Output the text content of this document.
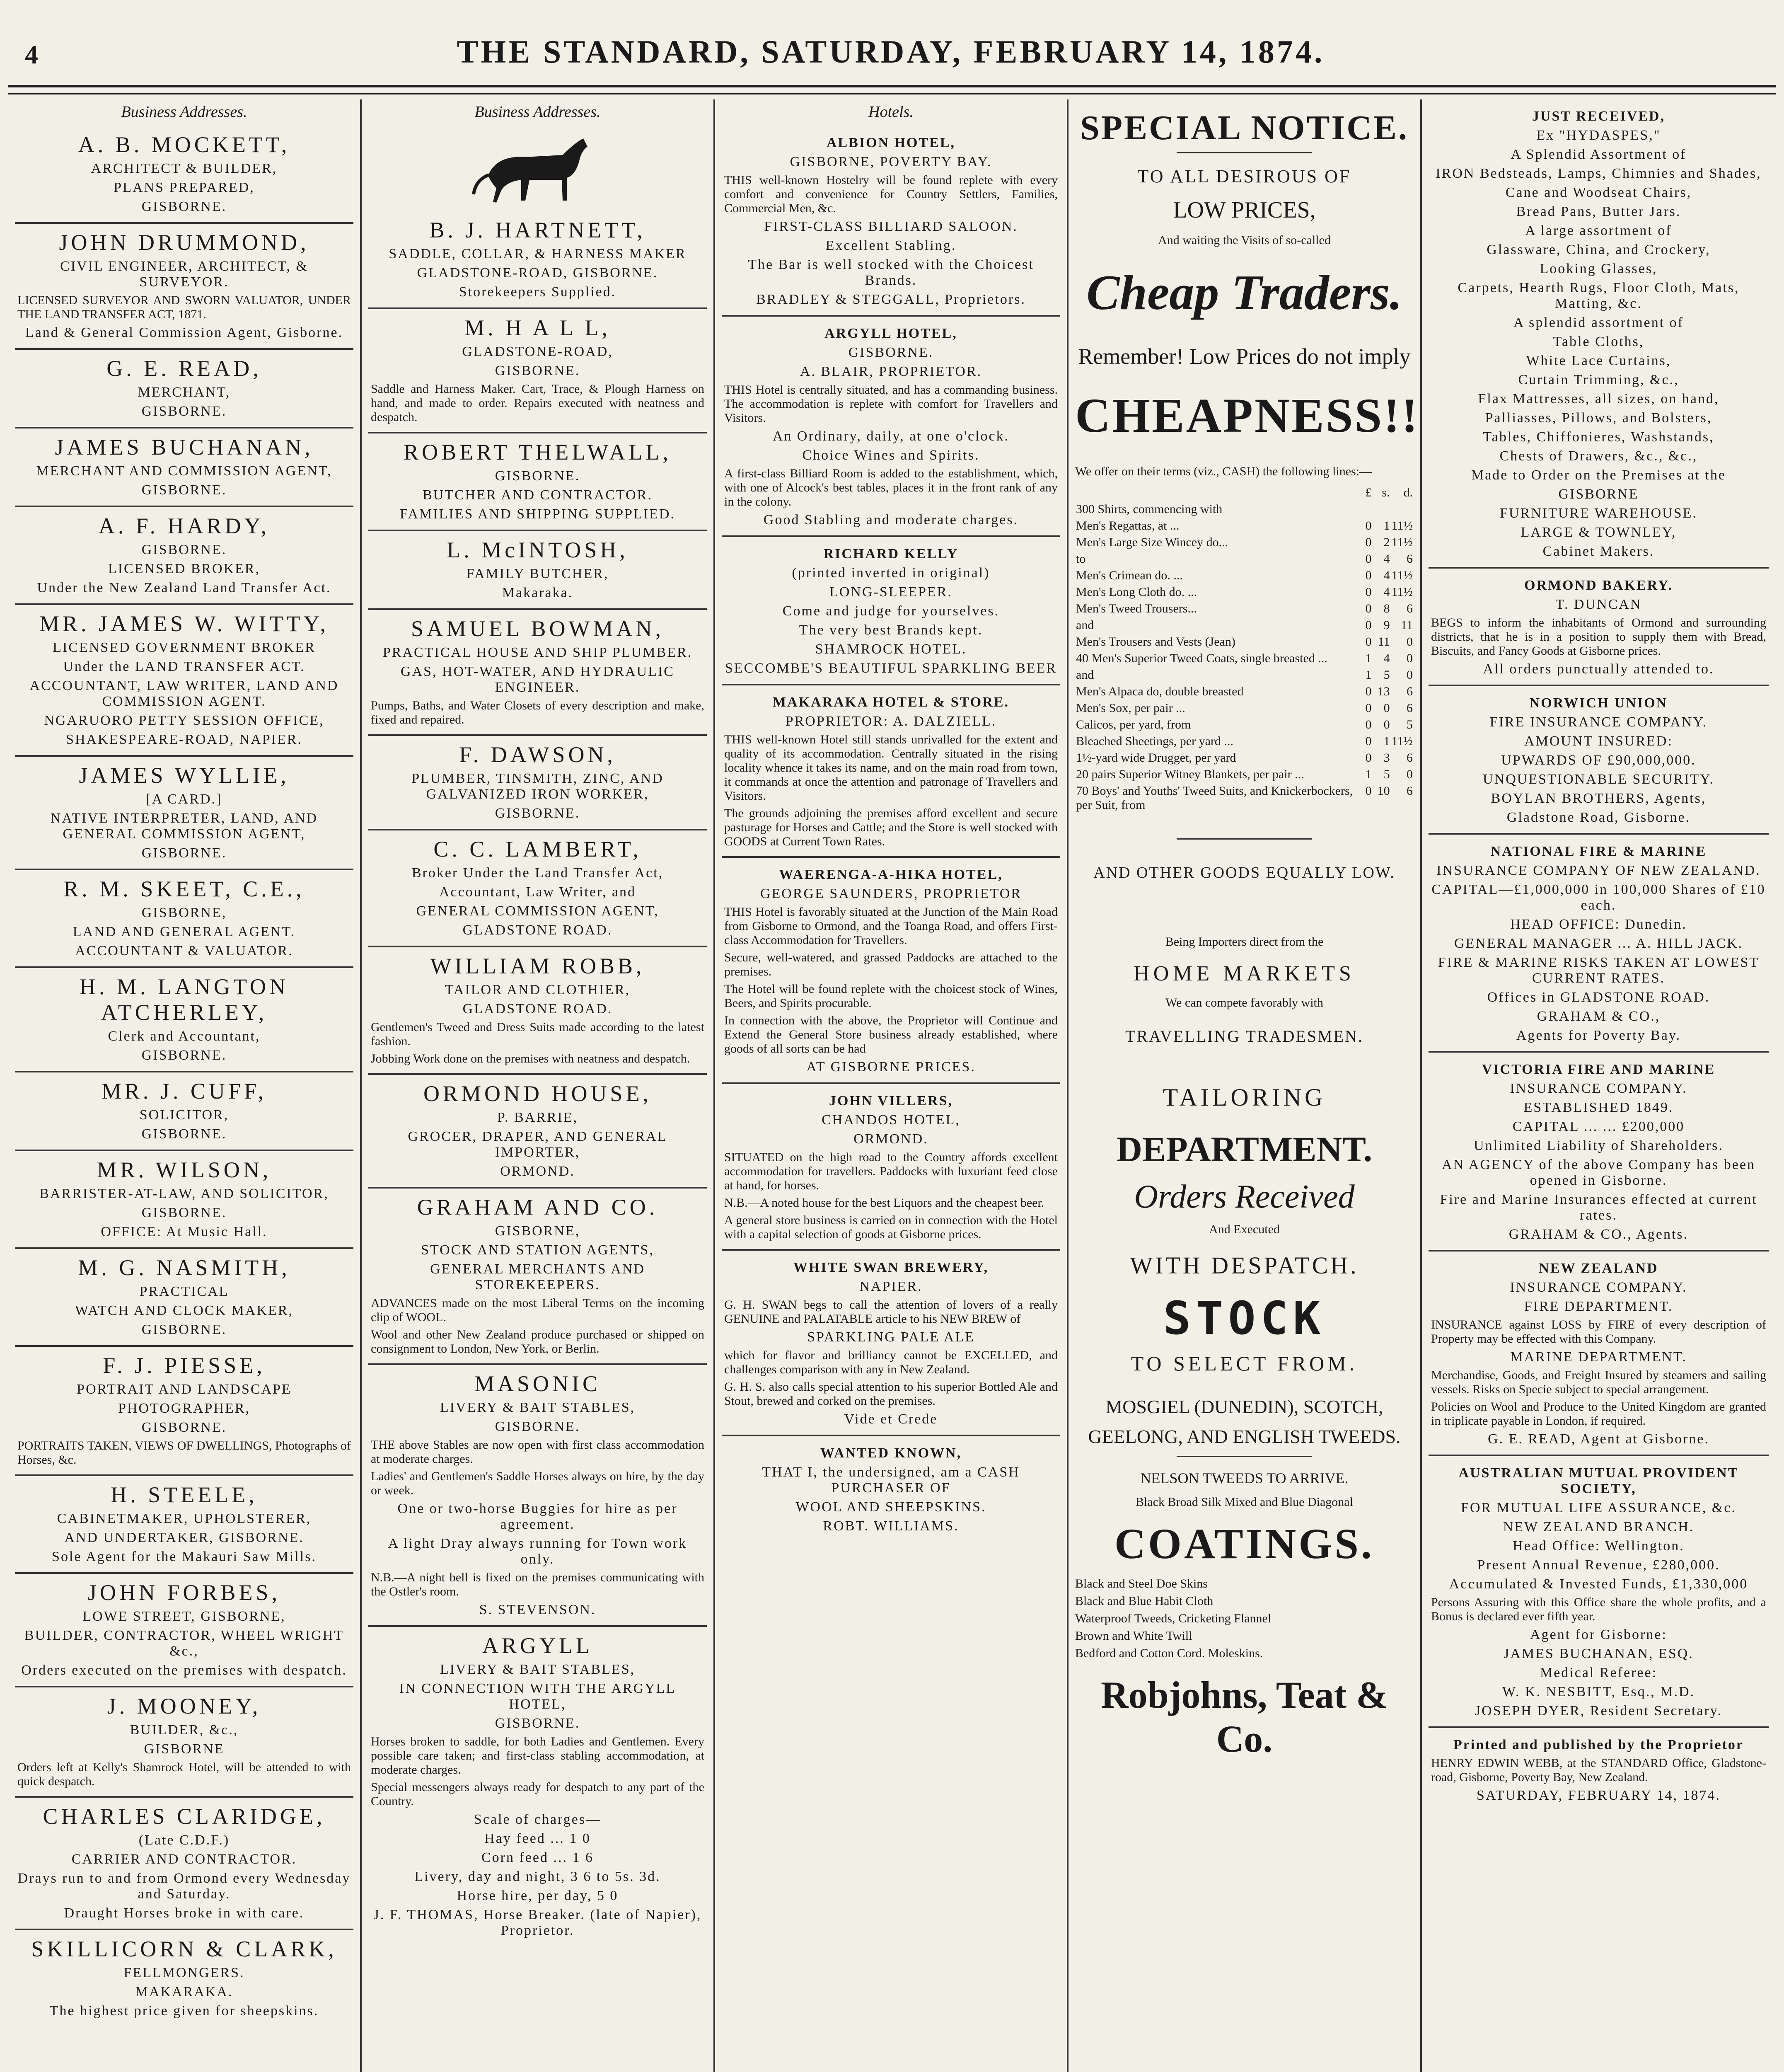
4	THE STANDARD, SATURDAY, FEBRUARY 14, 1874.
Business Addresses.
A. B. MOCKETT,
ARCHITECT & BUILDER,
PLANS PREPARED,
GISBORNE.
JOHN DRUMMOND,
CIVIL ENGINEER, ARCHITECT, & SURVEYOR.
LICENSED SURVEYOR AND SWORN VALUATOR, UNDER THE LAND TRANSFER ACT, 1871.
Land & General Commission Agent, Gisborne.
G. E. READ,
MERCHANT,
GISBORNE.
JAMES BUCHANAN,
MERCHANT AND COMMISSION AGENT,
GISBORNE.
A. F. HARDY,
GISBORNE.
LICENSED BROKER,
Under the New Zealand Land Transfer Act.
MR. JAMES W. WITTY,
LICENSED GOVERNMENT BROKER
Under the LAND TRANSFER ACT.
ACCOUNTANT, LAW WRITER, LAND AND COMMISSION AGENT.
NGARUORO PETTY SESSION OFFICE,
SHAKESPEARE-ROAD, NAPIER.
JAMES WYLLIE,
[A CARD.]
NATIVE INTERPRETER, LAND, AND GENERAL COMMISSION AGENT,
GISBORNE.
R. M. SKEET, C.E.,
GISBORNE,
LAND AND GENERAL AGENT.
ACCOUNTANT & VALUATOR.
H. M. LANGTON ATCHERLEY,
Clerk and Accountant,
GISBORNE.
MR. J. CUFF,
SOLICITOR,
GISBORNE.
MR. WILSON,
BARRISTER-AT-LAW, AND SOLICITOR,
GISBORNE.
OFFICE: At Music Hall.
M. G. NASMITH,
PRACTICAL
WATCH AND CLOCK MAKER,
GISBORNE.
F. J. PIESSE,
PORTRAIT AND LANDSCAPE
PHOTOGRAPHER,
GISBORNE.
PORTRAITS TAKEN, VIEWS OF DWELLINGS, Photographs of Horses, &c.
H. STEELE,
CABINETMAKER, UPHOLSTERER,
AND UNDERTAKER, GISBORNE.
Sole Agent for the Makauri Saw Mills.
JOHN FORBES,
LOWE STREET, GISBORNE,
BUILDER, CONTRACTOR, WHEEL WRIGHT &c.,
Orders executed on the premises with despatch.
J. MOONEY,
BUILDER, &c.,
GISBORNE
Orders left at Kelly's Shamrock Hotel, will be attended to with quick despatch.
CHARLES CLARIDGE,
(Late C.D.F.)
CARRIER AND CONTRACTOR.
Drays run to and from Ormond every Wednesday and Saturday.
Draught Horses broke in with care.
SKILLICORN & CLARK,
FELLMONGERS.
MAKARAKA.
The highest price given for sheepskins.
Business Addresses.
B. J. HARTNETT,
SADDLE, COLLAR, & HARNESS MAKER
GLADSTONE-ROAD, GISBORNE.
Storekeepers Supplied.
M. H A L L,
GLADSTONE-ROAD,
GISBORNE.
Saddle and Harness Maker. Cart, Trace, & Plough Harness on hand, and made to order. Repairs executed with neatness and despatch.
ROBERT THELWALL,
GISBORNE.
BUTCHER AND CONTRACTOR.
FAMILIES AND SHIPPING SUPPLIED.
L. McINTOSH,
FAMILY BUTCHER,
Makaraka.
SAMUEL BOWMAN,
PRACTICAL HOUSE AND SHIP PLUMBER.
GAS, HOT-WATER, AND HYDRAULIC ENGINEER.
Pumps, Baths, and Water Closets of every description and make, fixed and repaired.
F. DAWSON,
PLUMBER, TINSMITH, ZINC, AND GALVANIZED IRON WORKER,
GISBORNE.
C. C. LAMBERT,
Broker Under the Land Transfer Act,
Accountant, Law Writer, and
GENERAL COMMISSION AGENT,
GLADSTONE ROAD.
WILLIAM ROBB,
TAILOR AND CLOTHIER,
GLADSTONE ROAD.
Gentlemen's Tweed and Dress Suits made according to the latest fashion.
Jobbing Work done on the premises with neatness and despatch.
ORMOND HOUSE,
P. BARRIE,
GROCER, DRAPER, AND GENERAL IMPORTER,
ORMOND.
GRAHAM AND CO.
GISBORNE,
STOCK AND STATION AGENTS,
GENERAL MERCHANTS AND STOREKEEPERS.
ADVANCES made on the most Liberal Terms on the incoming clip of WOOL.
Wool and other New Zealand produce purchased or shipped on consignment to London, New York, or Berlin.
MASONIC
LIVERY & BAIT STABLES,
GISBORNE.
THE above Stables are now open with first class accommodation at moderate charges.
Ladies' and Gentlemen's Saddle Horses always on hire, by the day or week.
One or two-horse Buggies for hire as per agreement.
A light Dray always running for Town work only.
N.B.—A night bell is fixed on the premises communicating with the Ostler's room.
S. STEVENSON.
ARGYLL
LIVERY & BAIT STABLES,
IN CONNECTION WITH THE ARGYLL HOTEL,
GISBORNE.
Horses broken to saddle, for both Ladies and Gentlemen. Every possible care taken; and first-class stabling accommodation, at moderate charges.
Special messengers always ready for despatch to any part of the Country.
Scale of charges—
Hay feed ... 1 0
Corn feed ... 1 6
Livery, day and night, 3 6 to 5s. 3d.
Horse hire, per day, 5 0
J. F. THOMAS, Horse Breaker. (late of Napier), Proprietor.
Hotels.
ALBION HOTEL,
GISBORNE, POVERTY BAY.
THIS well-known Hostelry will be found replete with every comfort and convenience for Country Settlers, Families, Commercial Men, &c.
FIRST-CLASS BILLIARD SALOON.
Excellent Stabling.
The Bar is well stocked with the Choicest Brands.
BRADLEY & STEGGALL, Proprietors.
ARGYLL HOTEL,
GISBORNE.
A. BLAIR, PROPRIETOR.
THIS Hotel is centrally situated, and has a commanding business. The accommodation is replete with comfort for Travellers and Visitors.
An Ordinary, daily, at one o'clock.
Choice Wines and Spirits.
A first-class Billiard Room is added to the establishment, which, with one of Alcock's best tables, places it in the front rank of any in the colony.
Good Stabling and moderate charges.
RICHARD KELLY
(printed inverted in original)
LONG-SLEEPER.
Come and judge for yourselves.
The very best Brands kept.
SHAMROCK HOTEL.
SECCOMBE'S BEAUTIFUL SPARKLING BEER
MAKARAKA HOTEL & STORE.
PROPRIETOR: A. DALZIELL.
THIS well-known Hotel still stands unrivalled for the extent and quality of its accommodation. Centrally situated in the rising locality whence it takes its name, and on the main road from town, it commands at once the attention and patronage of Travellers and Visitors.
The grounds adjoining the premises afford excellent and secure pasturage for Horses and Cattle; and the Store is well stocked with GOODS at Current Town Rates.
WAERENGA-A-HIKA HOTEL,
GEORGE SAUNDERS, PROPRIETOR
THIS Hotel is favorably situated at the Junction of the Main Road from Gisborne to Ormond, and the Toanga Road, and offers First-class Accommodation for Travellers.
Secure, well-watered, and grassed Paddocks are attached to the premises.
The Hotel will be found replete with the choicest stock of Wines, Beers, and Spirits procurable.
In connection with the above, the Proprietor will Continue and Extend the General Store business already established, where goods of all sorts can be had
AT GISBORNE PRICES.
JOHN VILLERS,
CHANDOS HOTEL,
ORMOND.
SITUATED on the high road to the Country affords excellent accommodation for travellers. Paddocks with luxuriant feed close at hand, for horses.
N.B.—A noted house for the best Liquors and the cheapest beer.
A general store business is carried on in connection with the Hotel with a capital selection of goods at Gisborne prices.
WHITE SWAN BREWERY,
NAPIER.
G. H. SWAN begs to call the attention of lovers of a really GENUINE and PALATABLE article to his NEW BREW of
SPARKLING PALE ALE
which for flavor and brilliancy cannot be EXCELLED, and challenges comparison with any in New Zealand.
G. H. S. also calls special attention to his superior Bottled Ale and Stout, brewed and corked on the premises.
Vide et Crede
WANTED KNOWN,
THAT I, the undersigned, am a CASH PURCHASER OF
WOOL AND SHEEPSKINS.
ROBT. WILLIAMS.
SPECIAL NOTICE.
TO ALL DESIROUS OF
LOW PRICES,
And waiting the Visits of so-called
Cheap Traders.
Remember! Low Prices do not imply
CHEAPNESS!!
We offer on their terms (viz., CASH) the following lines:—
	£	s.	d.
300 Shirts, commencing with			
Men's Regattas, at ...	0	1	11½
Men's Large Size Wincey do...	0	2	11½
to	0	4	6
Men's Crimean do. ...	0	4	11½
Men's Long Cloth do. ...	0	4	11½
Men's Tweed Trousers...	0	8	6
and	0	9	11
Men's Trousers and Vests (Jean)	0	11	0
40 Men's Superior Tweed Coats, single breasted ...	1	4	0
and	1	5	0
Men's Alpaca do, double breasted	0	13	6
Men's Sox, per pair ...	0	0	6
Calicos, per yard, from	0	0	5
Bleached Sheetings, per yard ...	0	1	11½
1½-yard wide Drugget, per yard	0	3	6
20 pairs Superior Witney Blankets, per pair ...	1	5	0
70 Boys' and Youths' Tweed Suits, and Knickerbockers, per Suit, from	0	10	6
AND OTHER GOODS EQUALLY LOW.
Being Importers direct from the
HOME MARKETS
We can compete favorably with
TRAVELLING TRADESMEN.
TAILORING
DEPARTMENT.
Orders Received
And Executed
WITH DESPATCH.
STOCK
TO SELECT FROM.
MOSGIEL (DUNEDIN), SCOTCH, GEELONG, AND ENGLISH TWEEDS.
NELSON TWEEDS TO ARRIVE.
Black Broad Silk Mixed and Blue Diagonal
COATINGS.
Black and Steel Doe Skins
Black and Blue Habit Cloth
Waterproof Tweeds, Cricketing Flannel
Brown and White Twill
Bedford and Cotton Cord. Moleskins.
Robjohns, Teat & Co.
JUST RECEIVED,
Ex "HYDASPES,"
A Splendid Assortment of
IRON Bedsteads, Lamps, Chimnies and Shades,
Cane and Woodseat Chairs,
Bread Pans, Butter Jars.
A large assortment of
Glassware, China, and Crockery,
Looking Glasses,
Carpets, Hearth Rugs, Floor Cloth, Mats, Matting, &c.
A splendid assortment of
Table Cloths,
White Lace Curtains,
Curtain Trimming, &c.,
Flax Mattresses, all sizes, on hand,
Palliasses, Pillows, and Bolsters,
Tables, Chiffonieres, Washstands,
Chests of Drawers, &c., &c.,
Made to Order on the Premises at the
GISBORNE
FURNITURE WAREHOUSE.
LARGE & TOWNLEY,
Cabinet Makers.
ORMOND BAKERY.
T. DUNCAN
BEGS to inform the inhabitants of Ormond and surrounding districts, that he is in a position to supply them with Bread, Biscuits, and Fancy Goods at Gisborne prices.
All orders punctually attended to.
NORWICH UNION
FIRE INSURANCE COMPANY.
AMOUNT INSURED:
UPWARDS OF £90,000,000.
UNQUESTIONABLE SECURITY.
BOYLAN BROTHERS, Agents,
Gladstone Road, Gisborne.
NATIONAL FIRE & MARINE
INSURANCE COMPANY OF NEW ZEALAND.
CAPITAL—£1,000,000 in 100,000 Shares of £10 each.
HEAD OFFICE: Dunedin.
GENERAL MANAGER ... A. HILL JACK.
FIRE & MARINE RISKS TAKEN AT LOWEST CURRENT RATES.
Offices in GLADSTONE ROAD.
GRAHAM & CO.,
Agents for Poverty Bay.
VICTORIA FIRE AND MARINE
INSURANCE COMPANY.
ESTABLISHED 1849.
CAPITAL ... ... £200,000
Unlimited Liability of Shareholders.
AN AGENCY of the above Company has been opened in Gisborne.
Fire and Marine Insurances effected at current rates.
GRAHAM & CO., Agents.
NEW ZEALAND
INSURANCE COMPANY.
FIRE DEPARTMENT.
INSURANCE against LOSS by FIRE of every description of Property may be effected with this Company.
MARINE DEPARTMENT.
Merchandise, Goods, and Freight Insured by steamers and sailing vessels. Risks on Specie subject to special arrangement.
Policies on Wool and Produce to the United Kingdom are granted in triplicate payable in London, if required.
G. E. READ, Agent at Gisborne.
AUSTRALIAN MUTUAL PROVIDENT SOCIETY,
FOR MUTUAL LIFE ASSURANCE, &c.
NEW ZEALAND BRANCH.
Head Office: Wellington.
Present Annual Revenue, £280,000.
Accumulated & Invested Funds, £1,330,000
Persons Assuring with this Office share the whole profits, and a Bonus is declared ever fifth year.
Agent for Gisborne:
JAMES BUCHANAN, ESQ.
Medical Referee:
W. K. NESBITT, Esq., M.D.
JOSEPH DYER, Resident Secretary.
Printed and published by the Proprietor
HENRY EDWIN WEBB, at the STANDARD Office, Gladstone-road, Gisborne, Poverty Bay, New Zealand.
SATURDAY, FEBRUARY 14, 1874.
